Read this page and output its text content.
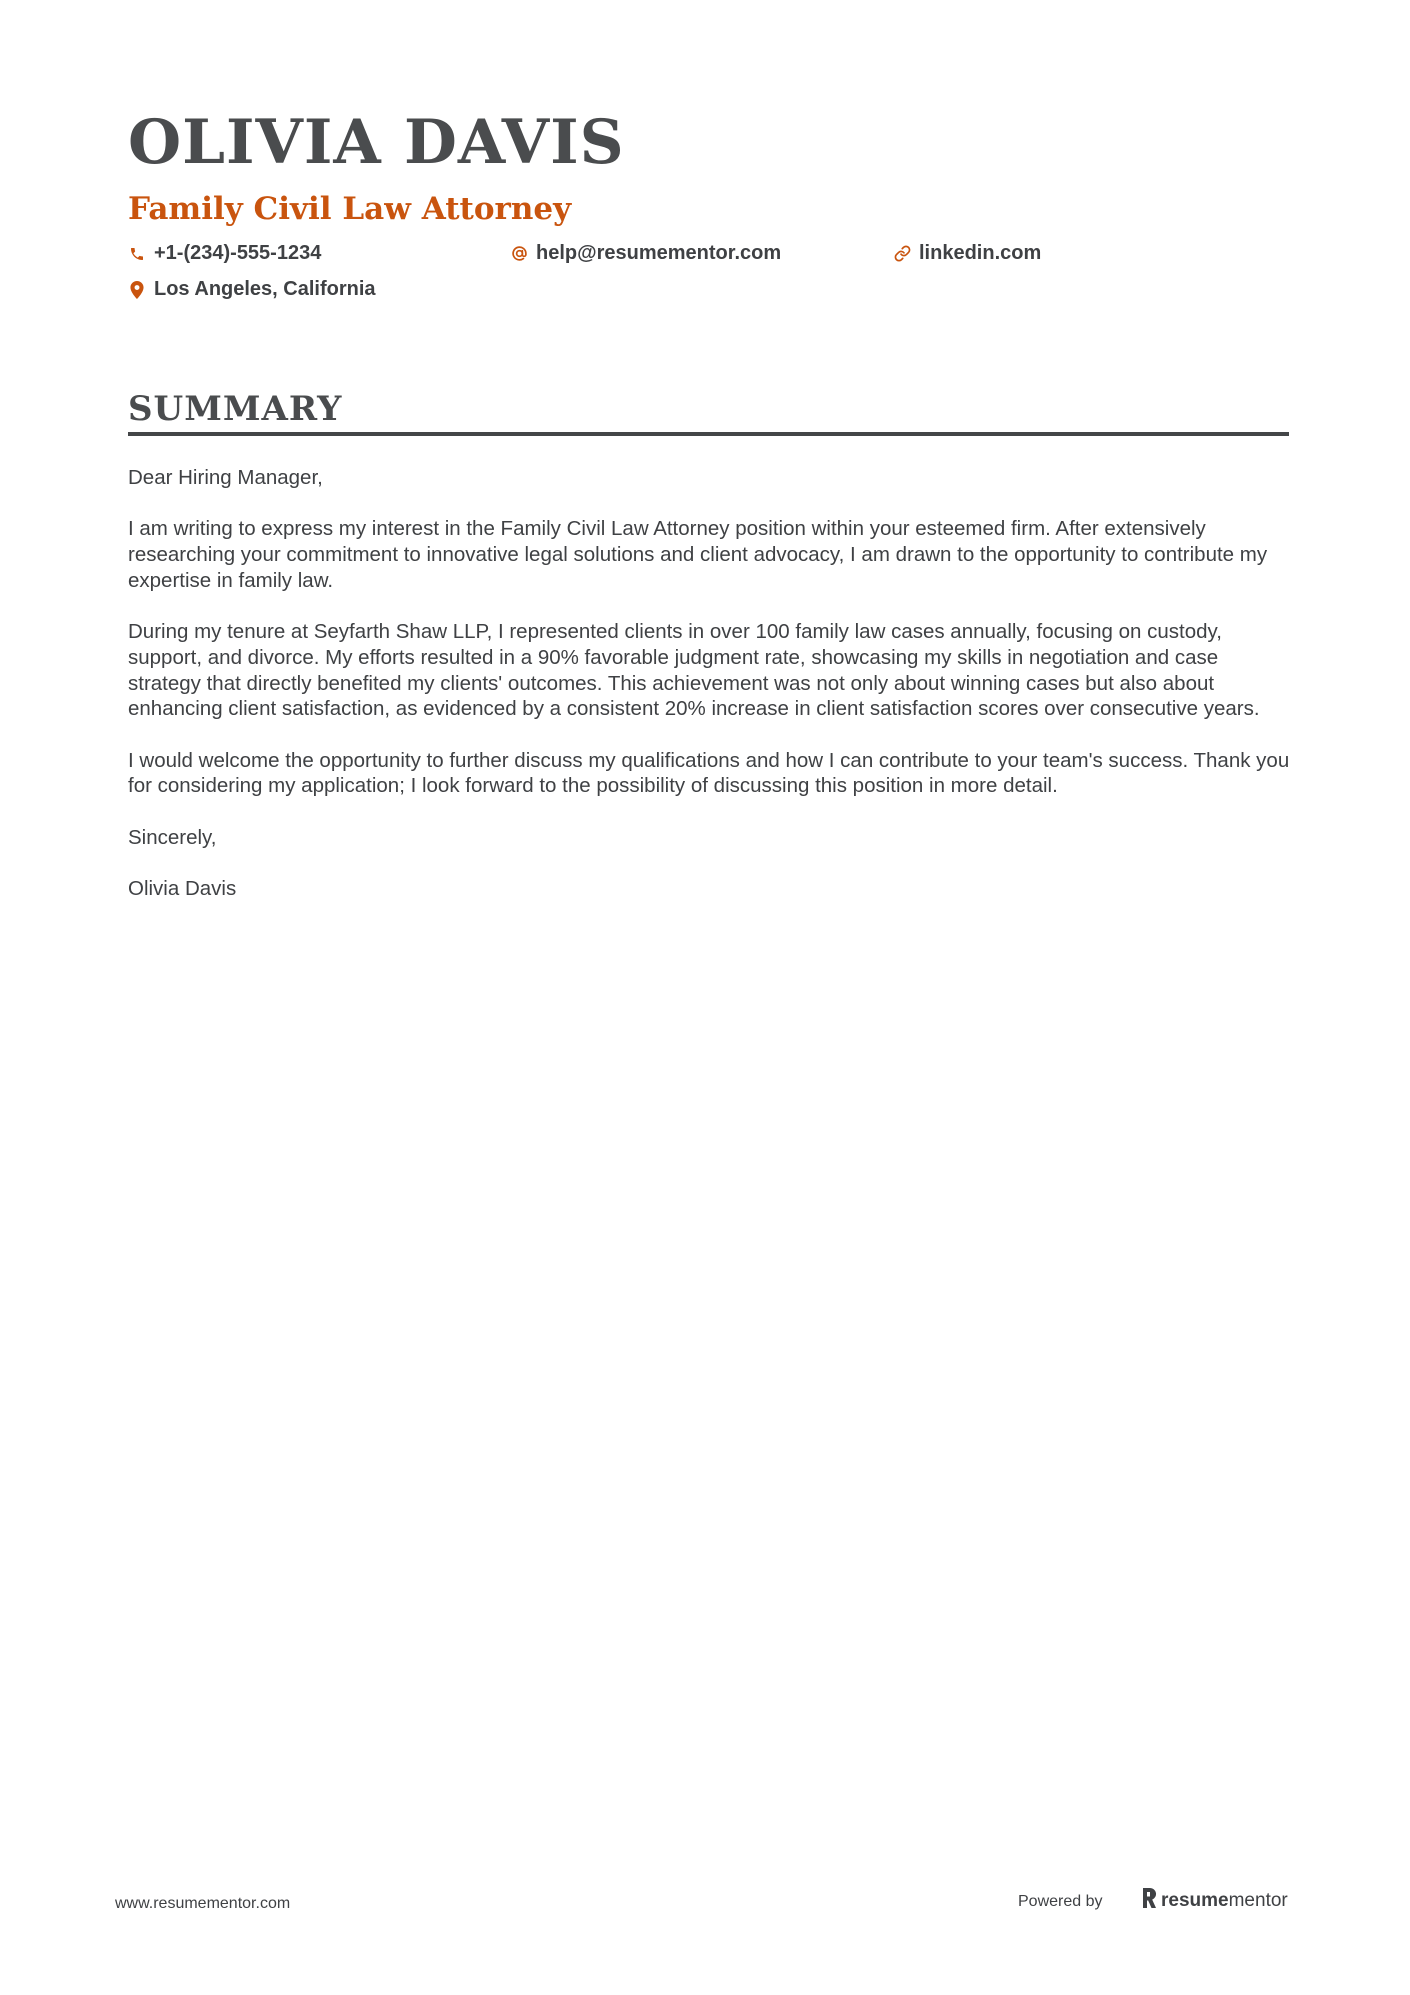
OLIVIA DAVIS
Family Civil Law Attorney
+1-(234)-555-1234	help@resumementor.com	linkedin.com
Los Angeles, California
SUMMARY

Dear Hiring Manager,

I am writing to express my interest in the Family Civil Law Attorney position within your esteemed firm. After extensively researching your commitment to innovative legal solutions and client advocacy, I am drawn to the opportunity to contribute my expertise in family law.

During my tenure at Seyfarth Shaw LLP, I represented clients in over 100 family law cases annually, focusing on custody, support, and divorce. My efforts resulted in a 90% favorable judgment rate, showcasing my skills in negotiation and case strategy that directly benefited my clients' outcomes. This achievement was not only about winning cases but also about enhancing client satisfaction, as evidenced by a consistent 20% increase in client satisfaction scores over consecutive years.

I would welcome the opportunity to further discuss my qualifications and how I can contribute to your team's success. Thank you for considering my application; I look forward to the possibility of discussing this position in more detail.

Sincerely,

Olivia Davis

www.resumementor.com	Powered by	resume mentor
